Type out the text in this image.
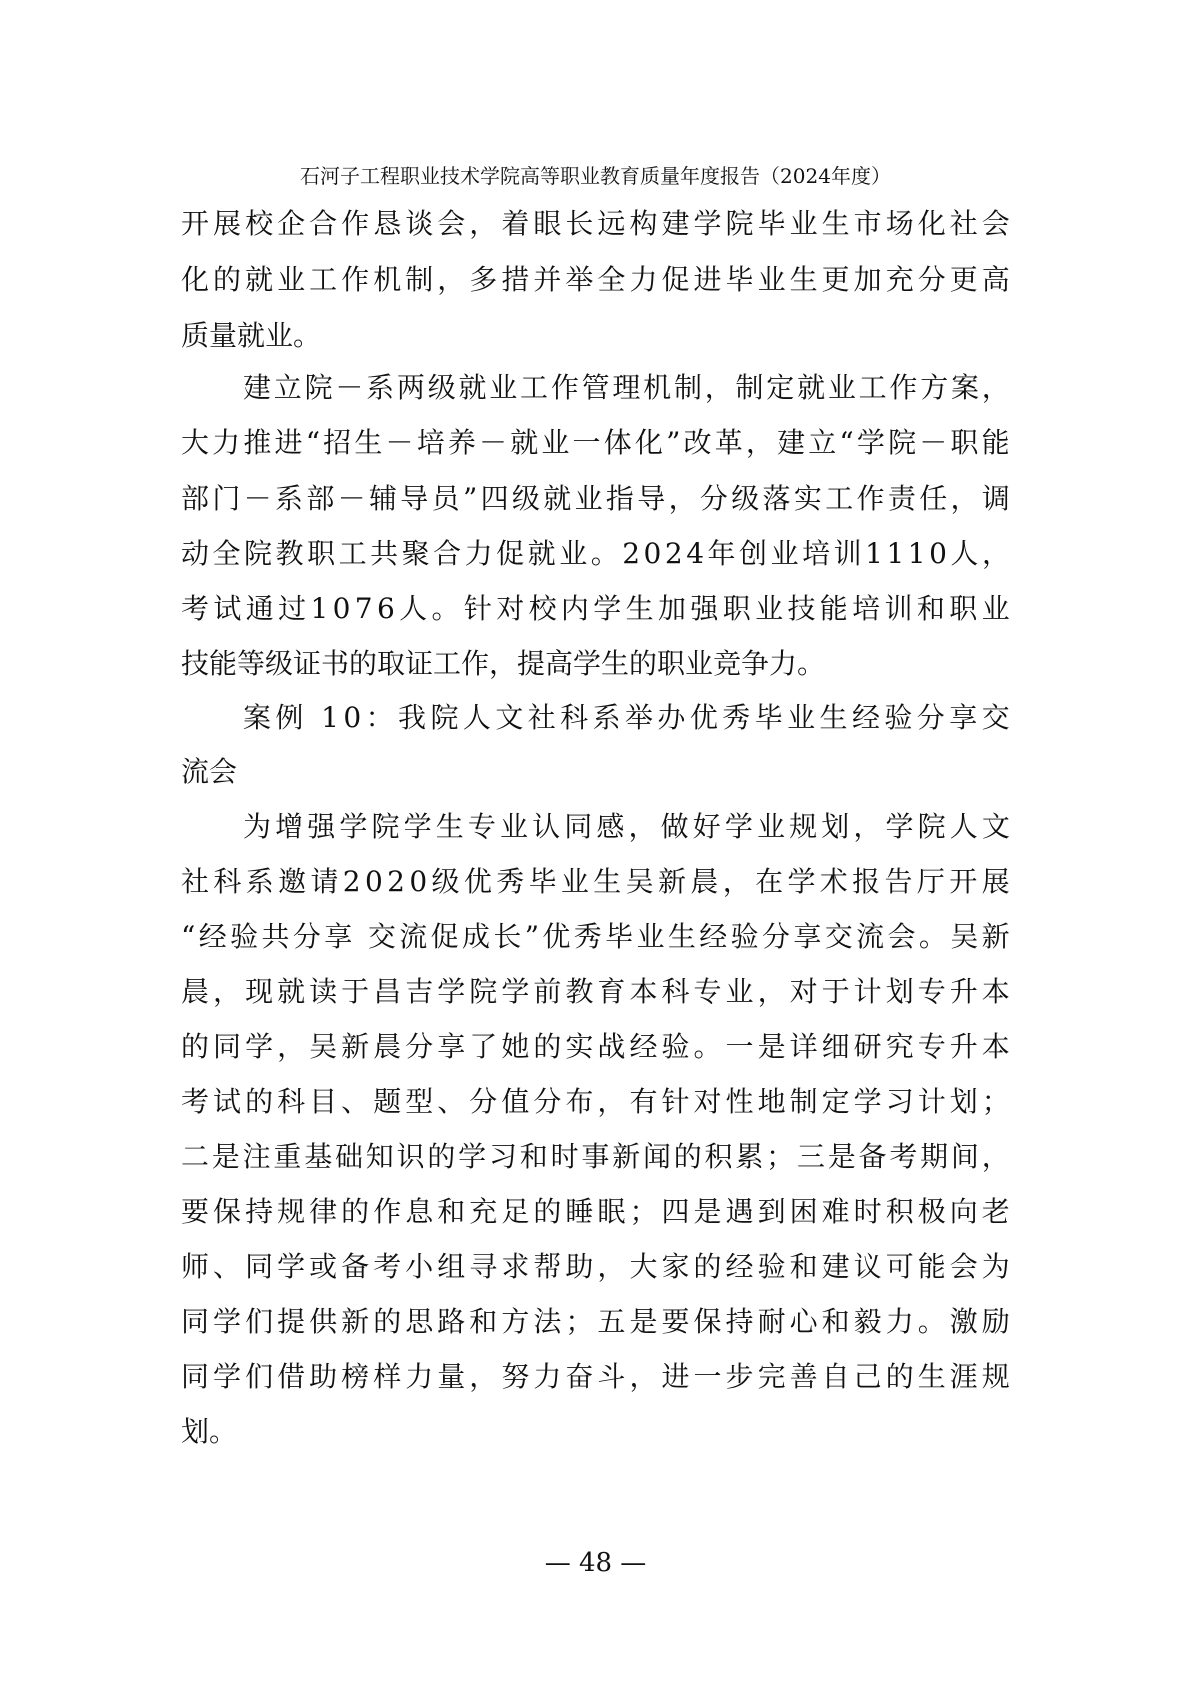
石河子工程职业技术学院高等职业教育质量年度报告（2024年度）
开 展 校 企 合 作 恳 谈 会 ， 着 眼 长 远 构 建 学 院 毕 业 生 市 场 化 社 会
化 的 就 业 工 作 机 制 ， 多 措 并 举 全 力 促 进 毕 业 生 更 加 充 分 更 高
质量就业。
建 立 院 － 系 两 级 就 业 工 作 管 理 机 制 ， 制 定 就 业 工 作 方 案 ，
大 力 推 进 “ 招 生 － 培 养 － 就 业 一 体 化 ” 改 革 ， 建 立 “ 学 院 － 职 能
部 门 － 系 部 － 辅 导 员 ” 四 级 就 业 指 导 ， 分 级 落 实 工 作 责 任 ， 调
动 全 院 教 职 工 共 聚 合 力 促 就 业 。 2 0 2 4 年 创 业 培 训 1 1 1 0 人 ，
考 试 通 过 1 0 7 6 人 。 针 对 校 内 学 生 加 强 职 业 技 能 培 训 和 职 业
技能等级证书的取证工作，提高学生的职业竞争力。
案 例
1 0 ： 我 院 人 文 社 科 系 举 办 优 秀 毕 业 生 经 验 分 享 交
流会
为 增 强 学 院 学 生 专 业 认 同 感 ， 做 好 学 业 规 划 ， 学 院 人 文
社 科 系 邀 请 2 0 2 0 级 优 秀 毕 业 生 吴 新 晨 ， 在 学 术 报 告 厅 开 展
“ 经 验 共 分 享
交 流 促 成 长 ” 优 秀 毕 业 生 经 验 分 享 交 流 会 。 吴 新
晨 ， 现 就 读 于 昌 吉 学 院 学 前 教 育 本 科 专 业 ， 对 于 计 划 专 升 本
的 同 学 ， 吴 新 晨 分 享 了 她 的 实 战 经 验 。 一 是 详 细 研 究 专 升 本
考 试 的 科 目 、 题 型 、 分 值 分 布 ， 有 针 对 性 地 制 定 学 习 计 划 ；
二 是 注 重 基 础 知 识 的 学 习 和 时 事 新 闻 的 积 累 ； 三 是 备 考 期 间 ，
要 保 持 规 律 的 作 息 和 充 足 的 睡 眠 ； 四 是 遇 到 困 难 时 积 极 向 老
师 、 同 学 或 备 考 小 组 寻 求 帮 助 ， 大 家 的 经 验 和 建 议 可 能 会 为
同 学 们 提 供 新 的 思 路 和 方 法 ； 五 是 要 保 持 耐 心 和 毅 力 。 激 励
同 学 们 借 助 榜 样 力 量 ， 努 力 奋 斗 ， 进 一 步 完 善 自 己 的 生 涯 规
划。
— 48 —
